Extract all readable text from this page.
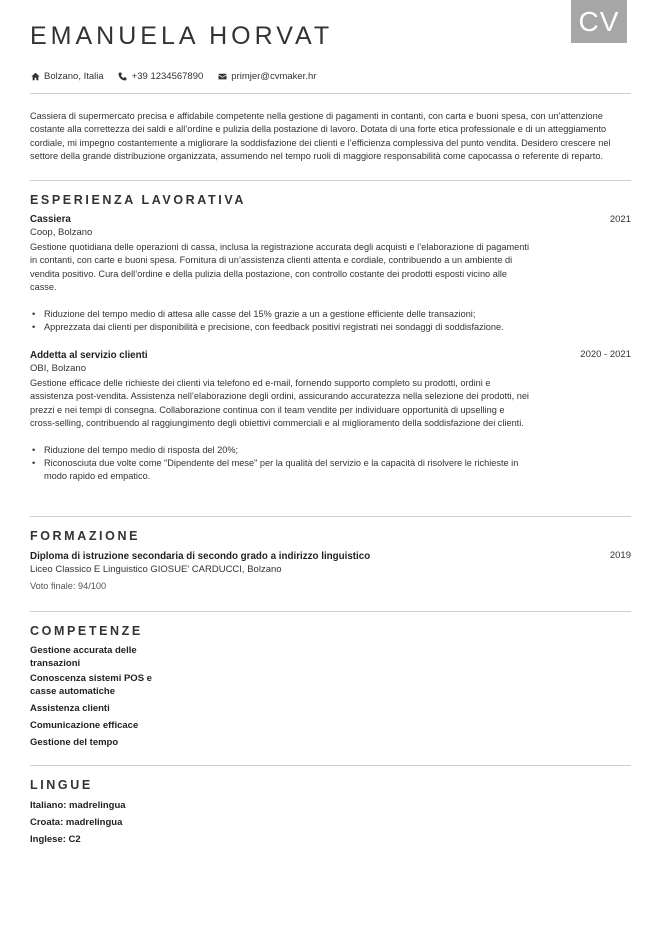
CV
EMANUELA HORVAT
Bolzano, Italia	+39 1234567890	primjer@cvmaker.hr

Cassiera di supermercato precisa e affidabile competente nella gestione di pagamenti in contanti, con carta e buoni spesa, con un’attenzione costante alla correttezza dei saldi e all’ordine e pulizia della postazione di lavoro. Dotata di una forte etica professionale e di un atteggiamento cordiale, mi impegno costantemente a migliorare la soddisfazione dei clienti e l’efficienza complessiva del punto vendita. Desidero crescere nel settore della grande distribuzione organizzata, assumendo nel tempo ruoli di maggiore responsabilità come capocassa o referente di reparto.

ESPERIENZA LAVORATIVA
2021
Cassiera
Coop, Bolzano
Gestione quotidiana delle operazioni di cassa, inclusa la registrazione accurata degli acquisti e l’elaborazione di pagamenti in contanti, con carte e buoni spesa. Fornitura di un’assistenza clienti attenta e cordiale, contribuendo a un ambiente di vendita positivo. Cura dell’ordine e della pulizia della postazione, con controllo costante dei prodotti esposti vicino alle casse.
• Riduzione del tempo medio di attesa alle casse del 15% grazie a un a gestione efficiente delle transazioni;
• Apprezzata dai clienti per disponibilità e precisione, con feedback positivi registrati nei sondaggi di soddisfazione.
2020 - 2021
Addetta al servizio clienti
OBI, Bolzano
Gestione efficace delle richieste dei clienti via telefono ed e-mail, fornendo supporto completo su prodotti, ordini e assistenza post-vendita. Assistenza nell’elaborazione degli ordini, assicurando accuratezza nella selezione dei prodotti, nei prezzi e nei tempi di consegna. Collaborazione continua con il team vendite per individuare opportunità di upselling e cross-selling, contribuendo al raggiungimento degli obiettivi commerciali e al miglioramento della soddisfazione dei clienti.
• Riduzione del tempo medio di risposta del 20%;
• Riconosciuta due volte come "Dipendente del mese" per la qualità del servizio e la capacità di risolvere le richieste in modo rapido ed empatico.
FORMAZIONE
2019
Diploma di istruzione secondaria di secondo grado a indirizzo linguistico
Liceo Classico E Linguistico GIOSUE' CARDUCCI, Bolzano
Voto finale: 94/100
COMPETENZE
Gestione accurata delle transazioni
Conoscenza sistemi POS e casse automatiche
Assistenza clienti
Comunicazione efficace
Gestione del tempo
LINGUE
Italiano: madrelingua
Croata: madrelingua
Inglese: C2
